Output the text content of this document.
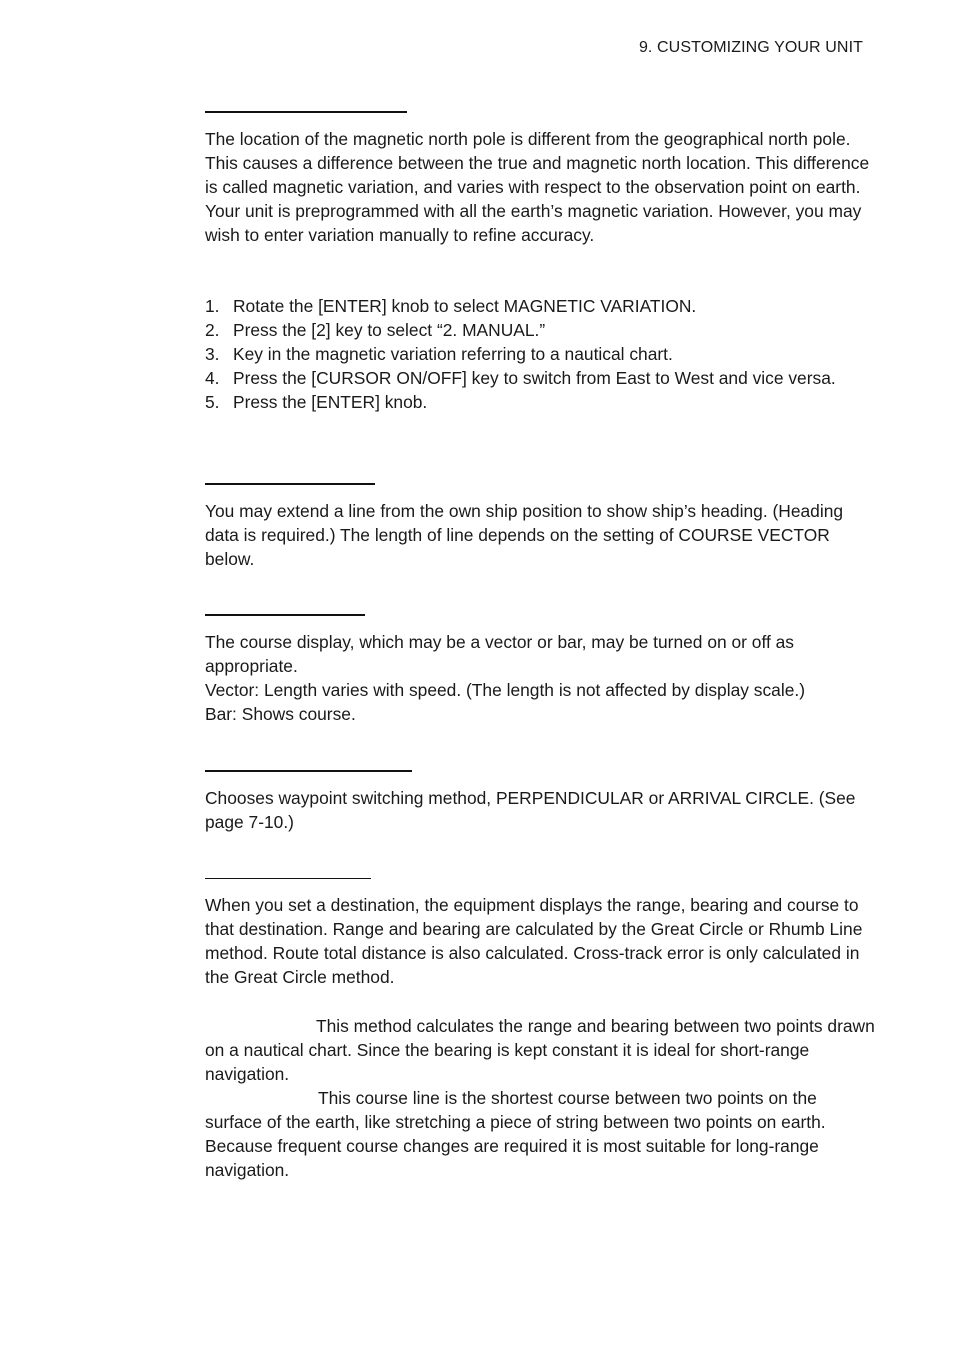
9. CUSTOMIZING YOUR UNIT

The location of the magnetic north pole is different from the geographical north pole. This causes a difference between the true and magnetic north location. This difference is called magnetic variation, and varies with respect to the observation point on earth. Your unit is preprogrammed with all the earth’s magnetic variation. However, you may wish to enter variation manually to refine accuracy.

1. Rotate the [ENTER] knob to select MAGNETIC VARIATION.
2. Press the [2] key to select “2. MANUAL.”
3. Key in the magnetic variation referring to a nautical chart.
4. Press the [CURSOR ON/OFF] key to switch from East to West and vice versa.
5. Press the [ENTER] knob.

You may extend a line from the own ship position to show ship’s heading. (Heading data is required.) The length of line depends on the setting of COURSE VECTOR below.

The course display, which may be a vector or bar, may be turned on or off as appropriate.

Vector: Length varies with speed. (The length is not affected by display scale.)

Bar: Shows course.

Chooses waypoint switching method, PERPENDICULAR or ARRIVAL CIRCLE. (See page 7-10.)

When you set a destination, the equipment displays the range, bearing and course to that destination. Range and bearing are calculated by the Great Circle or Rhumb Line method. Route total distance is also calculated. Cross-track error is only calculated in the Great Circle method.

This method calculates the range and bearing between two points drawn on a nautical chart. Since the bearing is kept constant it is ideal for short-range navigation.

This course line is the shortest course between two points on the surface of the earth, like stretching a piece of string between two points on earth. Because frequent course changes are required it is most suitable for long-range navigation.
